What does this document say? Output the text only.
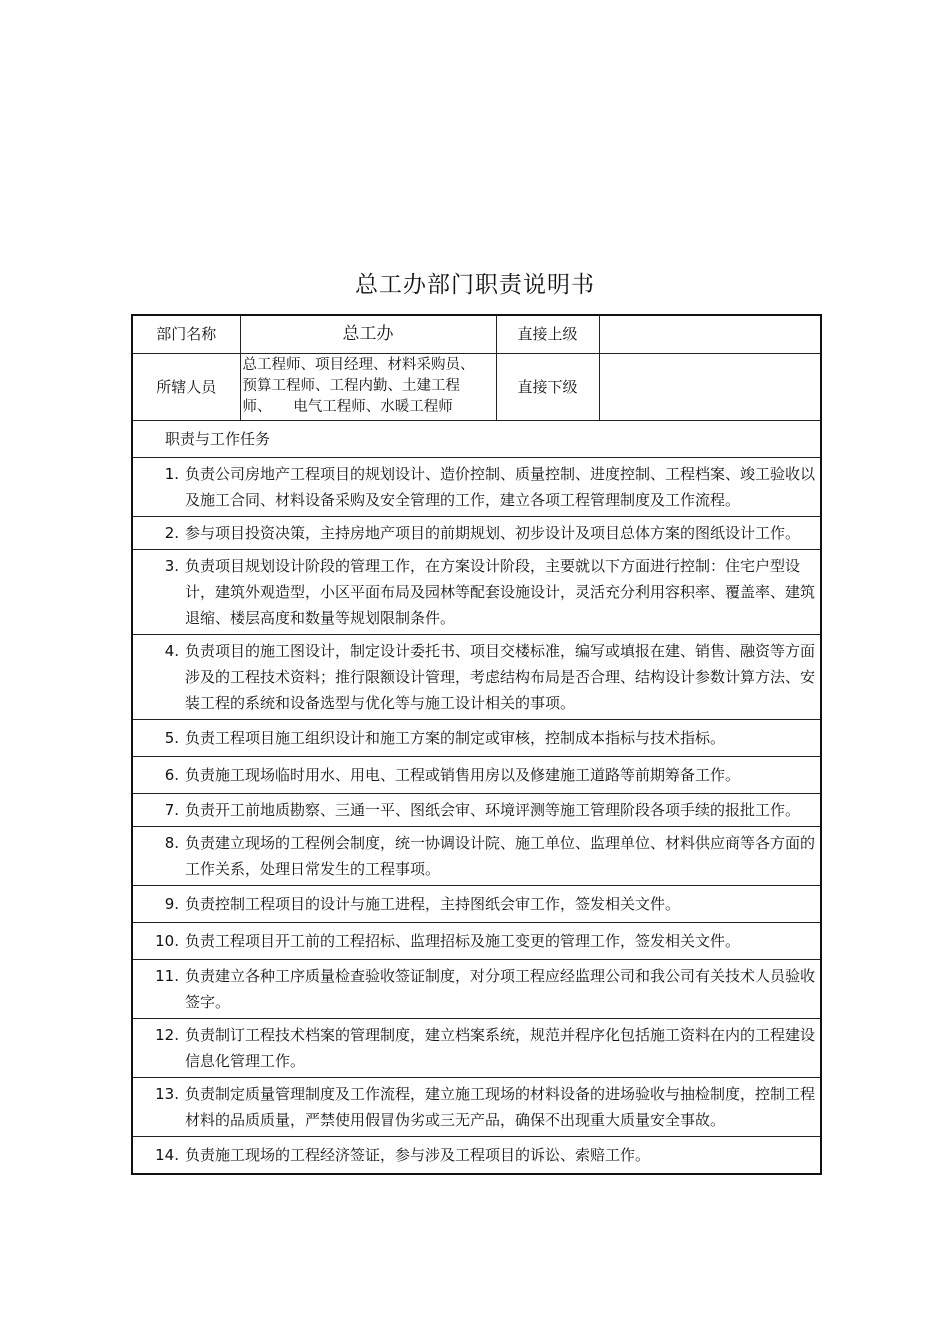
总工办部门职责说明书
部门名称	总工办	直接上级	
所辖人员	总工程师、项目经理、材料采购员、
预算工程师、工程内勤、土建工程
师、　　电气工程师、水暖工程师	直接下级	
职责与工作任务			

1. 负责公司房地产工程项目的规划设计、造价控制、质量控制、进度控制、工程档案、竣工验收以及施工合同、材料设备采购及安全管理的工作，建立各项工程管理制度及工作流程。			

2. 参与项目投资决策，主持房地产项目的前期规划、初步设计及项目总体方案的图纸设计工作。			

3. 负责项目规划设计阶段的管理工作，在方案设计阶段，主要就以下方面进行控制：住宅户型设计，建筑外观造型，小区平面布局及园林等配套设施设计，灵活充分利用容积率、覆盖率、建筑退缩、楼层高度和数量等规划限制条件。			

4. 负责项目的施工图设计，制定设计委托书、项目交楼标准，编写或填报在建、销售、融资等方面涉及的工程技术资料；推行限额设计管理，考虑结构布局是否合理、结构设计参数计算方法、安装工程的系统和设备选型与优化等与施工设计相关的事项。			

5. 负责工程项目施工组织设计和施工方案的制定或审核，控制成本指标与技术指标。			

6. 负责施工现场临时用水、用电、工程或销售用房以及修建施工道路等前期筹备工作。			

7. 负责开工前地质勘察、三通一平、图纸会审、环境评测等施工管理阶段各项手续的报批工作。			

8. 负责建立现场的工程例会制度，统一协调设计院、施工单位、监理单位、材料供应商等各方面的工作关系，处理日常发生的工程事项。			

9. 负责控制工程项目的设计与施工进程，主持图纸会审工作，签发相关文件。			

10. 负责工程项目开工前的工程招标、监理招标及施工变更的管理工作，签发相关文件。			

11. 负责建立各种工序质量检查验收签证制度，对分项工程应经监理公司和我公司有关技术人员验收签字。			

12. 负责制订工程技术档案的管理制度，建立档案系统，规范并程序化包括施工资料在内的工程建设信息化管理工作。			

13. 负责制定质量管理制度及工作流程，建立施工现场的材料设备的进场验收与抽检制度，控制工程材料的品质质量，严禁使用假冒伪劣或三无产品，确保不出现重大质量安全事故。			

14. 负责施工现场的工程经济签证，参与涉及工程项目的诉讼、索赔工作。			
